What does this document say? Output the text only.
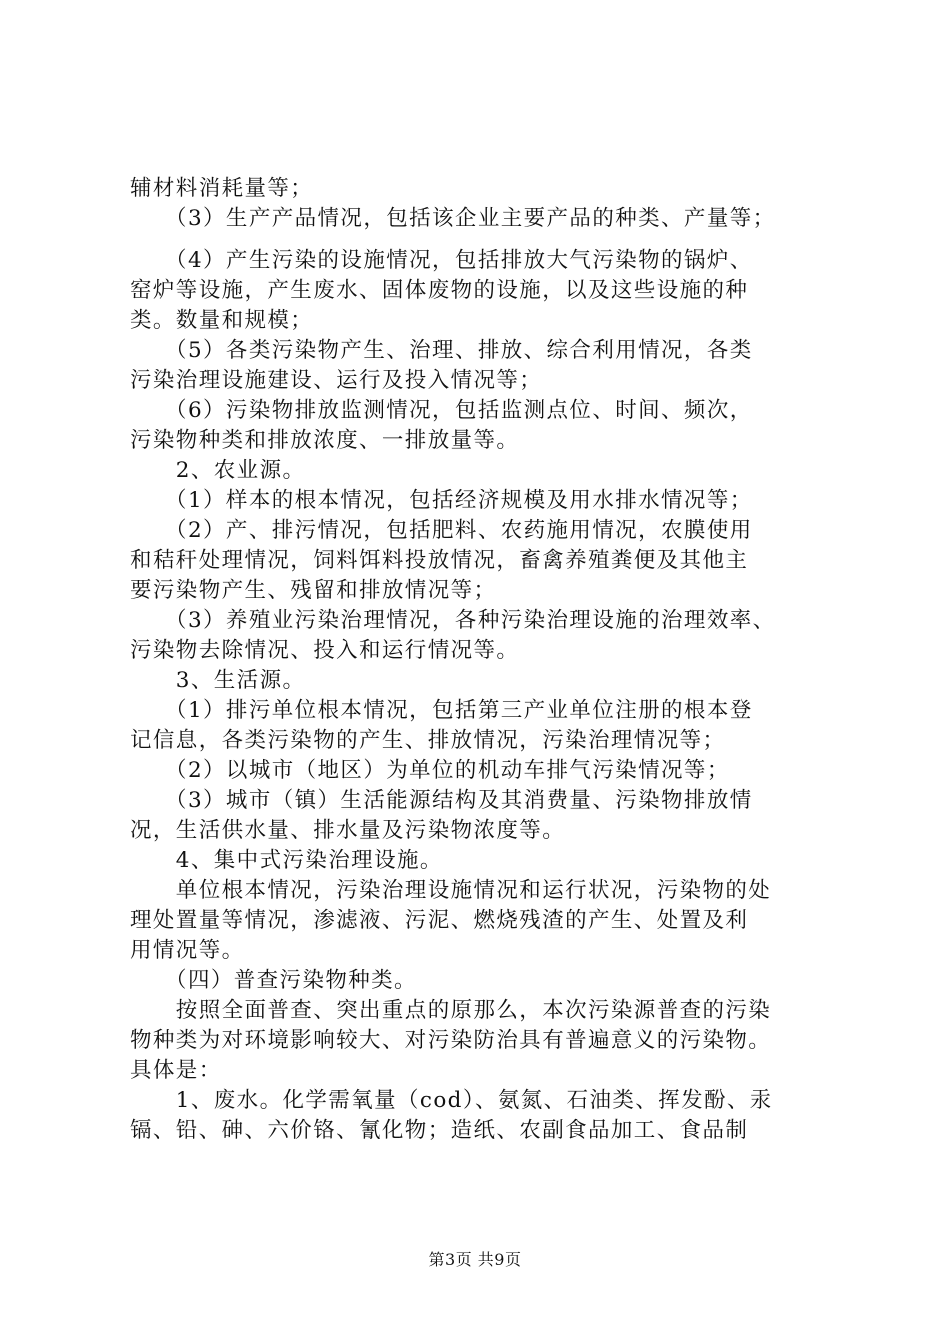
辅材料消耗量等；
　　（3）生产产品情况，包括该企业主要产品的种类、产量等；
　　（4）产生污染的设施情况，包括排放大气污染物的锅炉、
窑炉等设施，产生废水、固体废物的设施，以及这些设施的种
类。数量和规模；
　　（5）各类污染物产生、治理、排放、综合利用情况，各类
污染治理设施建设、运行及投入情况等；
　　（6）污染物排放监测情况，包括监测点位、时间、频次，
污染物种类和排放浓度、一排放量等。
　　2、农业源。
　　（1）样本的根本情况，包括经济规模及用水排水情况等；
　　（2）产、排污情况，包括肥料、农药施用情况，农膜使用
和秸秆处理情况，饲料饵料投放情况，畜禽养殖粪便及其他主
要污染物产生、残留和排放情况等；
　　（3）养殖业污染治理情况，各种污染治理设施的治理效率、
污染物去除情况、投入和运行情况等。
　　3、生活源。
　　（1）排污单位根本情况，包括第三产业单位注册的根本登
记信息，各类污染物的产生、排放情况，污染治理情况等；
　　（2）以城市（地区）为单位的机动车排气污染情况等；
　　（3）城市（镇）生活能源结构及其消费量、污染物排放情
况，生活供水量、排水量及污染物浓度等。
　　4、集中式污染治理设施。
　　单位根本情况，污染治理设施情况和运行状况，污染物的处
理处置量等情况，渗滤液、污泥、燃烧残渣的产生、处置及利
用情况等。
　　（四）普查污染物种类。
　　按照全面普查、突出重点的原那么，本次污染源普查的污染
物种类为对环境影响较大、对污染防治具有普遍意义的污染物。
具体是：
　　1、废水。化学需氧量（cod）、氨氮、石油类、挥发酚、汞
镉、铅、砷、六价铬、氰化物；造纸、农副食品加工、食品制
第3页 共9页
